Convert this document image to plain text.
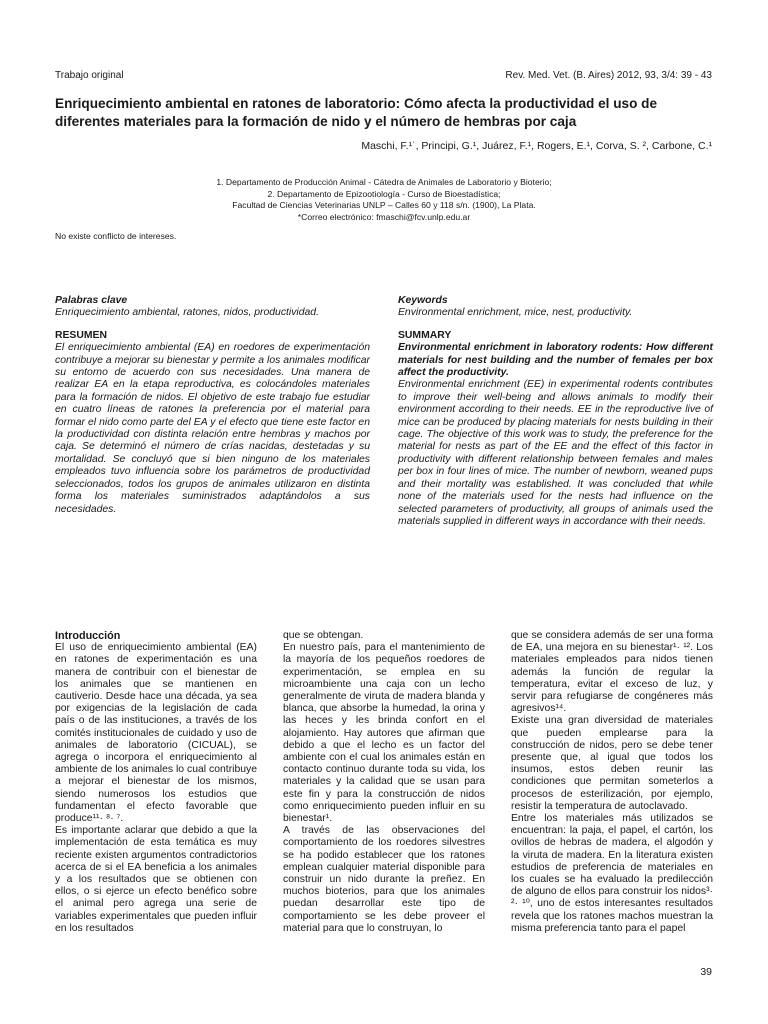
Trabajo original	Rev. Med. Vet. (B. Aires) 2012, 93, 3/4: 39 - 43
Enriquecimiento ambiental en ratones de laboratorio: Cómo afecta la productividad el uso de diferentes materiales para la formación de nido y el número de hembras por caja
Maschi, F.¹˙, Principi, G.¹, Juárez, F.¹, Rogers, E.¹, Corva, S. ², Carbone, C.¹
1. Departamento de Producción Animal - Cátedra de Animales de Laboratorio y Bioterio;
2. Departamento de Epizootiología - Curso de Bioestadística;
Facultad de Ciencias Veterinarias UNLP – Calles 60 y 118 s/n. (1900), La Plata.
*Correo electrónico: fmaschi@fcv.unlp.edu.ar
No existe conflicto de intereses.

Palabras clave

Enriquecimiento ambiental, ratones, nidos, productividad.

RESUMEN

El enriquecimiento ambiental (EA) en roedores de experimentación contribuye a mejorar su bienestar y permite a los animales modificar su entorno de acuerdo con sus necesidades. Una manera de realizar EA en la etapa reproductiva, es colocándoles materiales para la formación de nidos. El objetivo de este trabajo fue estudiar en cuatro líneas de ratones la preferencia por el material para formar el nido como parte del EA y el efecto que tiene este factor en la productividad con distinta relación entre hembras y machos por caja. Se determinó el número de crías nacidas, destetadas y su mortalidad. Se concluyó que si bien ninguno de los materiales empleados tuvo influencia sobre los parámetros de productividad seleccionados, todos los grupos de animales utilizaron en distinta forma los materiales suministrados adaptándolos a sus necesidades.

Keywords

Environmental enrichment, mice, nest, productivity.

SUMMARY

Environmental enrichment in laboratory rodents: How different materials for nest building and the number of females per box affect the productivity.

Environmental enrichment (EE) in experimental rodents contributes to improve their well-being and allows animals to modify their environment according to their needs. EE in the reproductive live of mice can be produced by placing materials for nests building in their cage. The objective of this work was to study, the preference for the material for nests as part of the EE and the effect of this factor in productivity with different relationship between females and males per box in four lines of mice. The number of newborn, weaned pups and their mortality was established. It was concluded that while none of the materials used for the nests had influence on the selected parameters of productivity, all groups of animals used the materials supplied in different ways in accordance with their needs.

Introducción

El uso de enriquecimiento ambiental (EA) en ratones de experimentación es una manera de contribuir con el bienestar de los animales que se mantienen en cautiverio. Desde hace una década, ya sea por exigencias de la legislación de cada país o de las instituciones, a través de los comités institucionales de cuidado y uso de animales de laboratorio (CICUAL), se agrega o incorpora el enriquecimiento al ambiente de los animales lo cual contribuye a mejorar el bienestar de los mismos, siendo numerosos los estudios que fundamentan el efecto favorable que produce¹¹· ⁸· ⁷.

Es importante aclarar que debido a que la implementación de esta temática es muy reciente existen argumentos contradictorios acerca de si el EA beneficia a los animales y a los resultados que se obtienen con ellos, o si ejerce un efecto benéfico sobre el animal pero agrega una serie de variables experimentales que pueden influir en los resultados

que se obtengan.

En nuestro país, para el mantenimiento de la mayoría de los pequeños roedores de experimentación, se emplea en su microambiente una caja con un lecho generalmente de viruta de madera blanda y blanca, que absorbe la humedad, la orina y las heces y les brinda confort en el alojamiento. Hay autores que afirman que debido a que el lecho es un factor del ambiente con el cual los animales están en contacto continuo durante toda su vida, los materiales y la calidad que se usan para este fin y para la construcción de nidos como enriquecimiento pueden influir en su bienestar¹.

A través de las observaciones del comportamiento de los roedores silvestres se ha podido establecer que los ratones emplean cualquier material disponible para construir un nido durante la preñez. En muchos bioterios, para que los animales puedan desarrollar este tipo de comportamiento se les debe proveer el material para que lo construyan, lo

que se considera además de ser una forma de EA, una mejora en su bienestar¹· ¹². Los materiales empleados para nidos tienen además la función de regular la temperatura, evitar el exceso de luz, y servir para refugiarse de congéneres más agresivos¹⁴.

Existe una gran diversidad de materiales que pueden emplearse para la construcción de nidos, pero se debe tener presente que, al igual que todos los insumos, estos deben reunir las condiciones que permitan someterlos a procesos de esterilización, por ejemplo, resistir la temperatura de autoclavado.

Entre los materiales más utilizados se encuentran: la paja, el papel, el cartón, los ovillos de hebras de madera, el algodón y la viruta de madera. En la literatura existen estudios de preferencia de materiales en los cuales se ha evaluado la predilección de alguno de ellos para construir los nidos³· ²· ¹⁰, uno de estos interesantes resultados revela que los ratones machos muestran la misma preferencia tanto para el papel

39
